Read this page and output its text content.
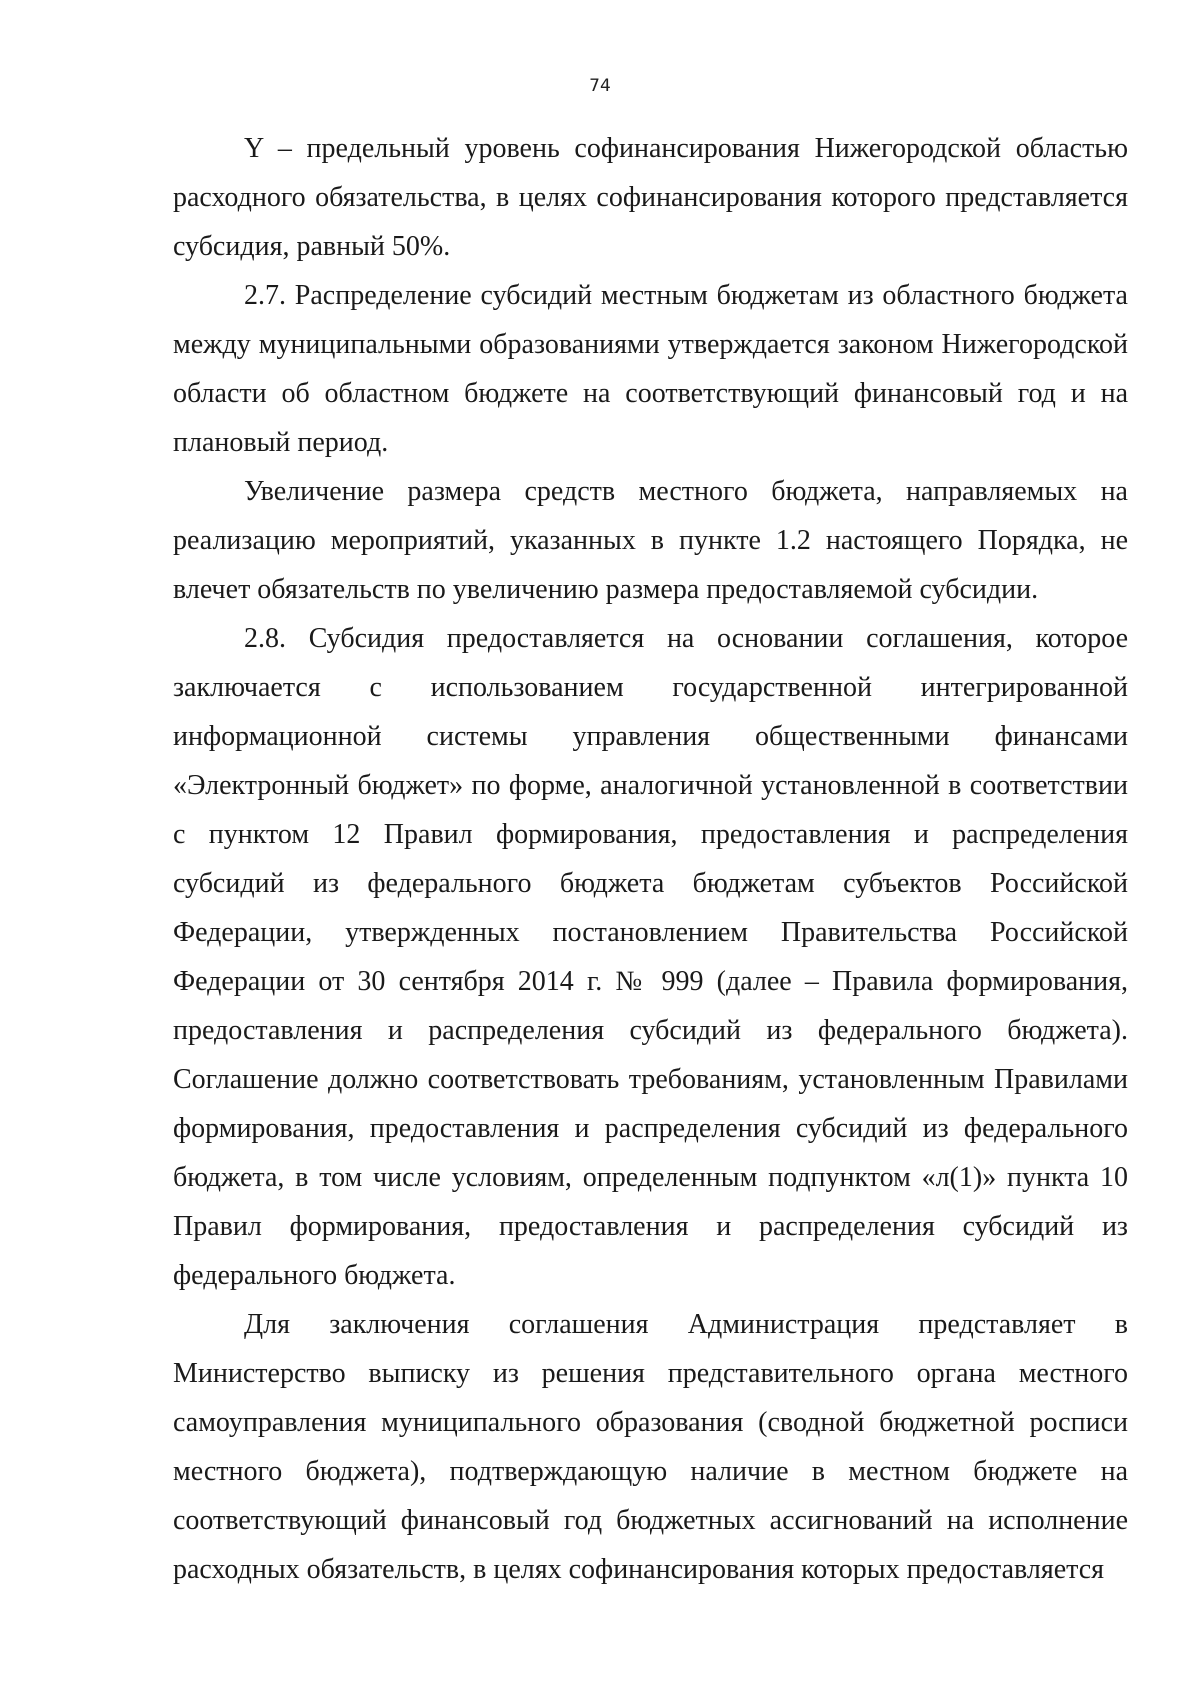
74

Y – предельный уровень софинансирования Нижегородской областью расходного обязательства, в целях софинансирования которого представляется субсидия, равный 50%.

2.7. Распределение субсидий местным бюджетам из областного бюджета между муниципальными образованиями утверждается законом Нижегородской области об областном бюджете на соответствующий финансовый год и на плановый период.

Увеличение размера средств местного бюджета, направляемых на реализацию мероприятий, указанных в пункте 1.2 настоящего Порядка, не влечет обязательств по увеличению размера предоставляемой субсидии.

2.8. Субсидия предоставляется на основании соглашения, которое заключается с использованием государственной интегрированной информационной системы управления общественными финансами «Электронный бюджет» по форме, аналогичной установленной в соответствии с пунктом 12 Правил формирования, предоставления и распределения субсидий из федерального бюджета бюджетам субъектов Российской Федерации, утвержденных постановлением Правительства Российской Федерации от 30 сентября 2014 г. № 999 (далее – Правила формирования, предоставления и распределения субсидий из федерального бюджета). Соглашение должно соответствовать требованиям, установленным Правилами формирования, предоставления и распределения субсидий из федерального бюджета, в том числе условиям, определенным подпунктом «л(1)» пункта 10 Правил формирования, предоставления и распределения субсидий из федерального бюджета.

Для заключения соглашения Администрация представляет в Министерство выписку из решения представительного органа местного самоуправления муниципального образования (сводной бюджетной росписи местного бюджета), подтверждающую наличие в местном бюджете на соответствующий финансовый год бюджетных ассигнований на исполнение расходных обязательств, в целях софинансирования которых предоставляется
